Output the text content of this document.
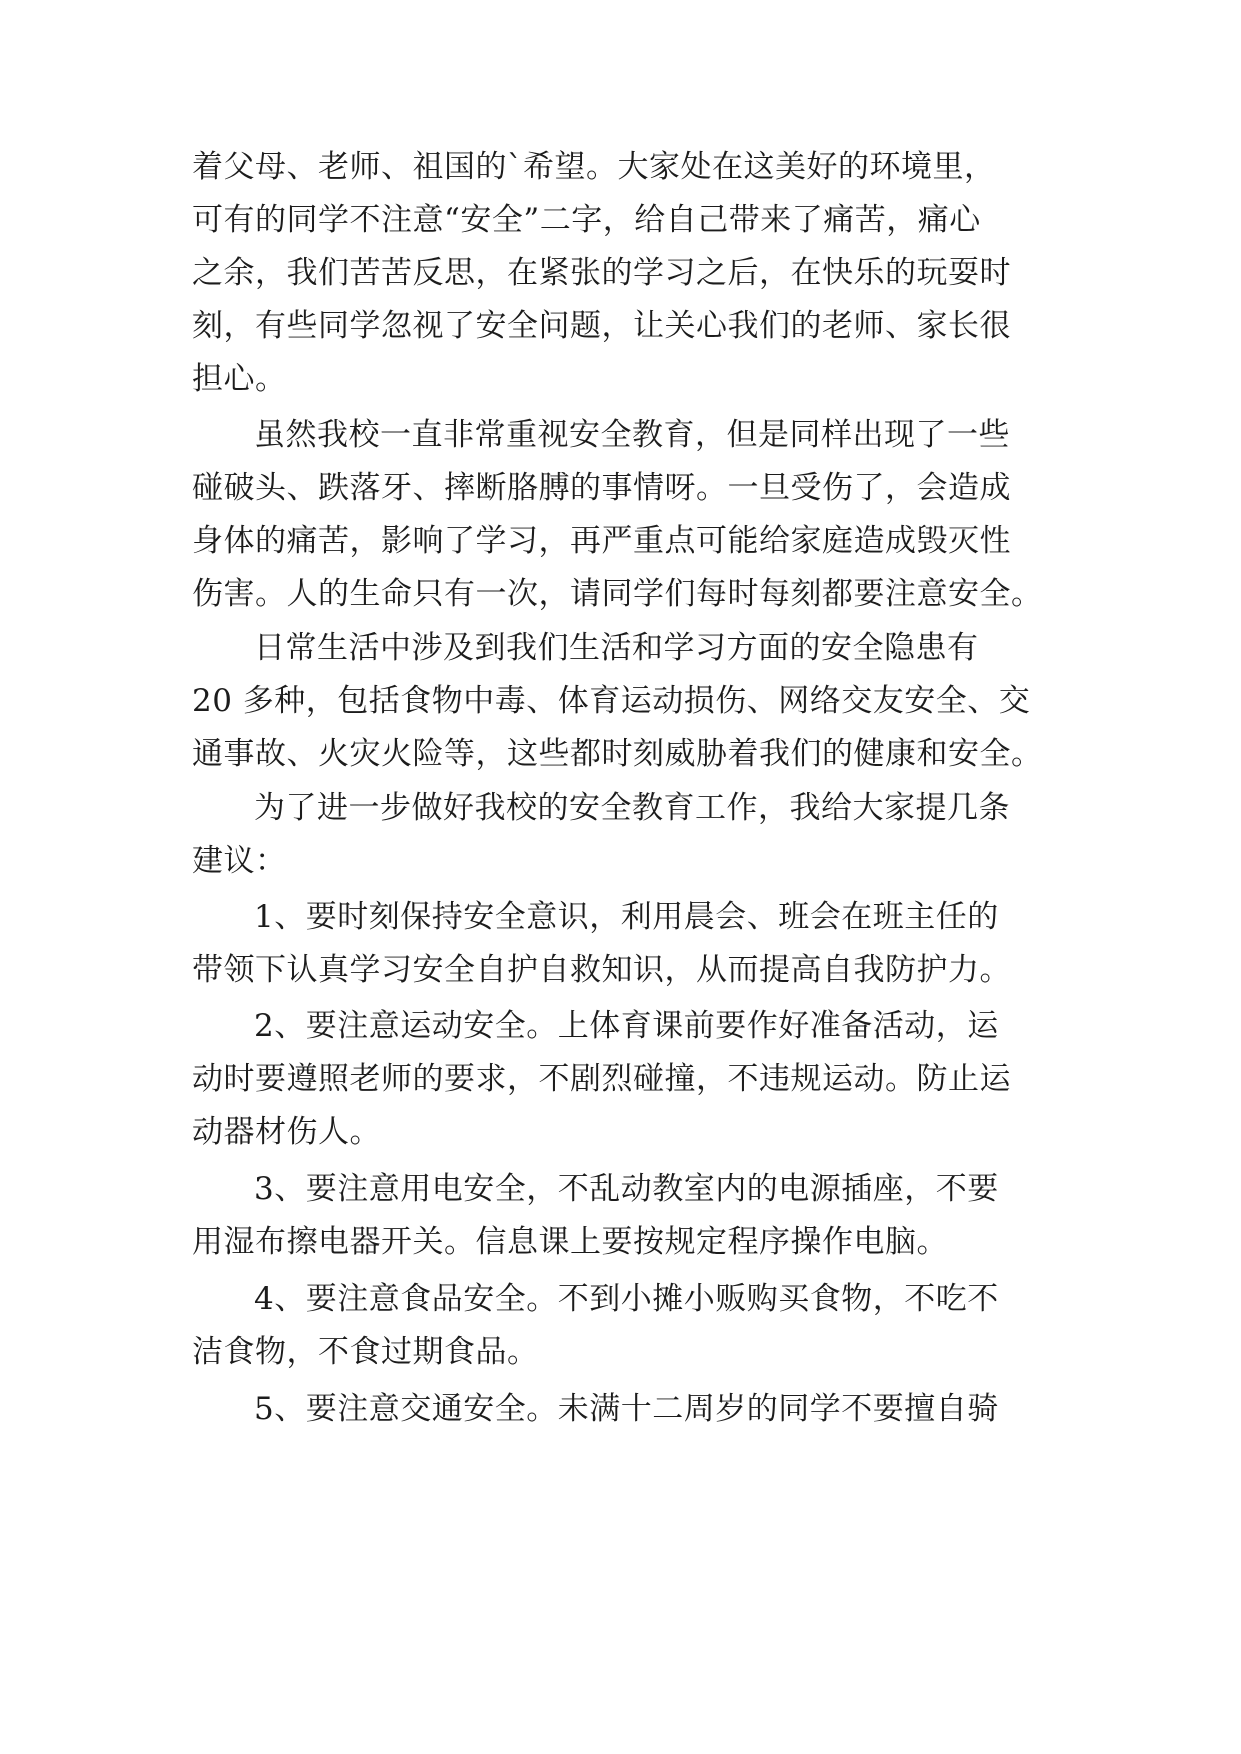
着父母、老师、祖国的`希望。大家处在这美好的环境里，
可有的同学不注意“安全”二字，给自己带来了痛苦，痛心
之余，我们苦苦反思，在紧张的学习之后，在快乐的玩耍时
刻，有些同学忽视了安全问题，让关心我们的老师、家长很
担心。
虽然我校一直非常重视安全教育，但是同样出现了一些
碰破头、跌落牙、摔断胳膊的事情呀。一旦受伤了，会造成
身体的痛苦，影响了学习，再严重点可能给家庭造成毁灭性
伤害。人的生命只有一次，请同学们每时每刻都要注意安全。
日常生活中涉及到我们生活和学习方面的安全隐患有
20 多种，包括食物中毒、体育运动损伤、网络交友安全、交
通事故、火灾火险等，这些都时刻威胁着我们的健康和安全。
为了进一步做好我校的安全教育工作，我给大家提几条
建议：
1、要时刻保持安全意识，利用晨会、班会在班主任的
带领下认真学习安全自护自救知识，从而提高自我防护力。
2、要注意运动安全。上体育课前要作好准备活动，运
动时要遵照老师的要求，不剧烈碰撞，不违规运动。防止运
动器材伤人。
3、要注意用电安全，不乱动教室内的电源插座，不要
用湿布擦电器开关。信息课上要按规定程序操作电脑。
4、要注意食品安全。不到小摊小贩购买食物，不吃不
洁食物，不食过期食品。
5、要注意交通安全。未满十二周岁的同学不要擅自骑
